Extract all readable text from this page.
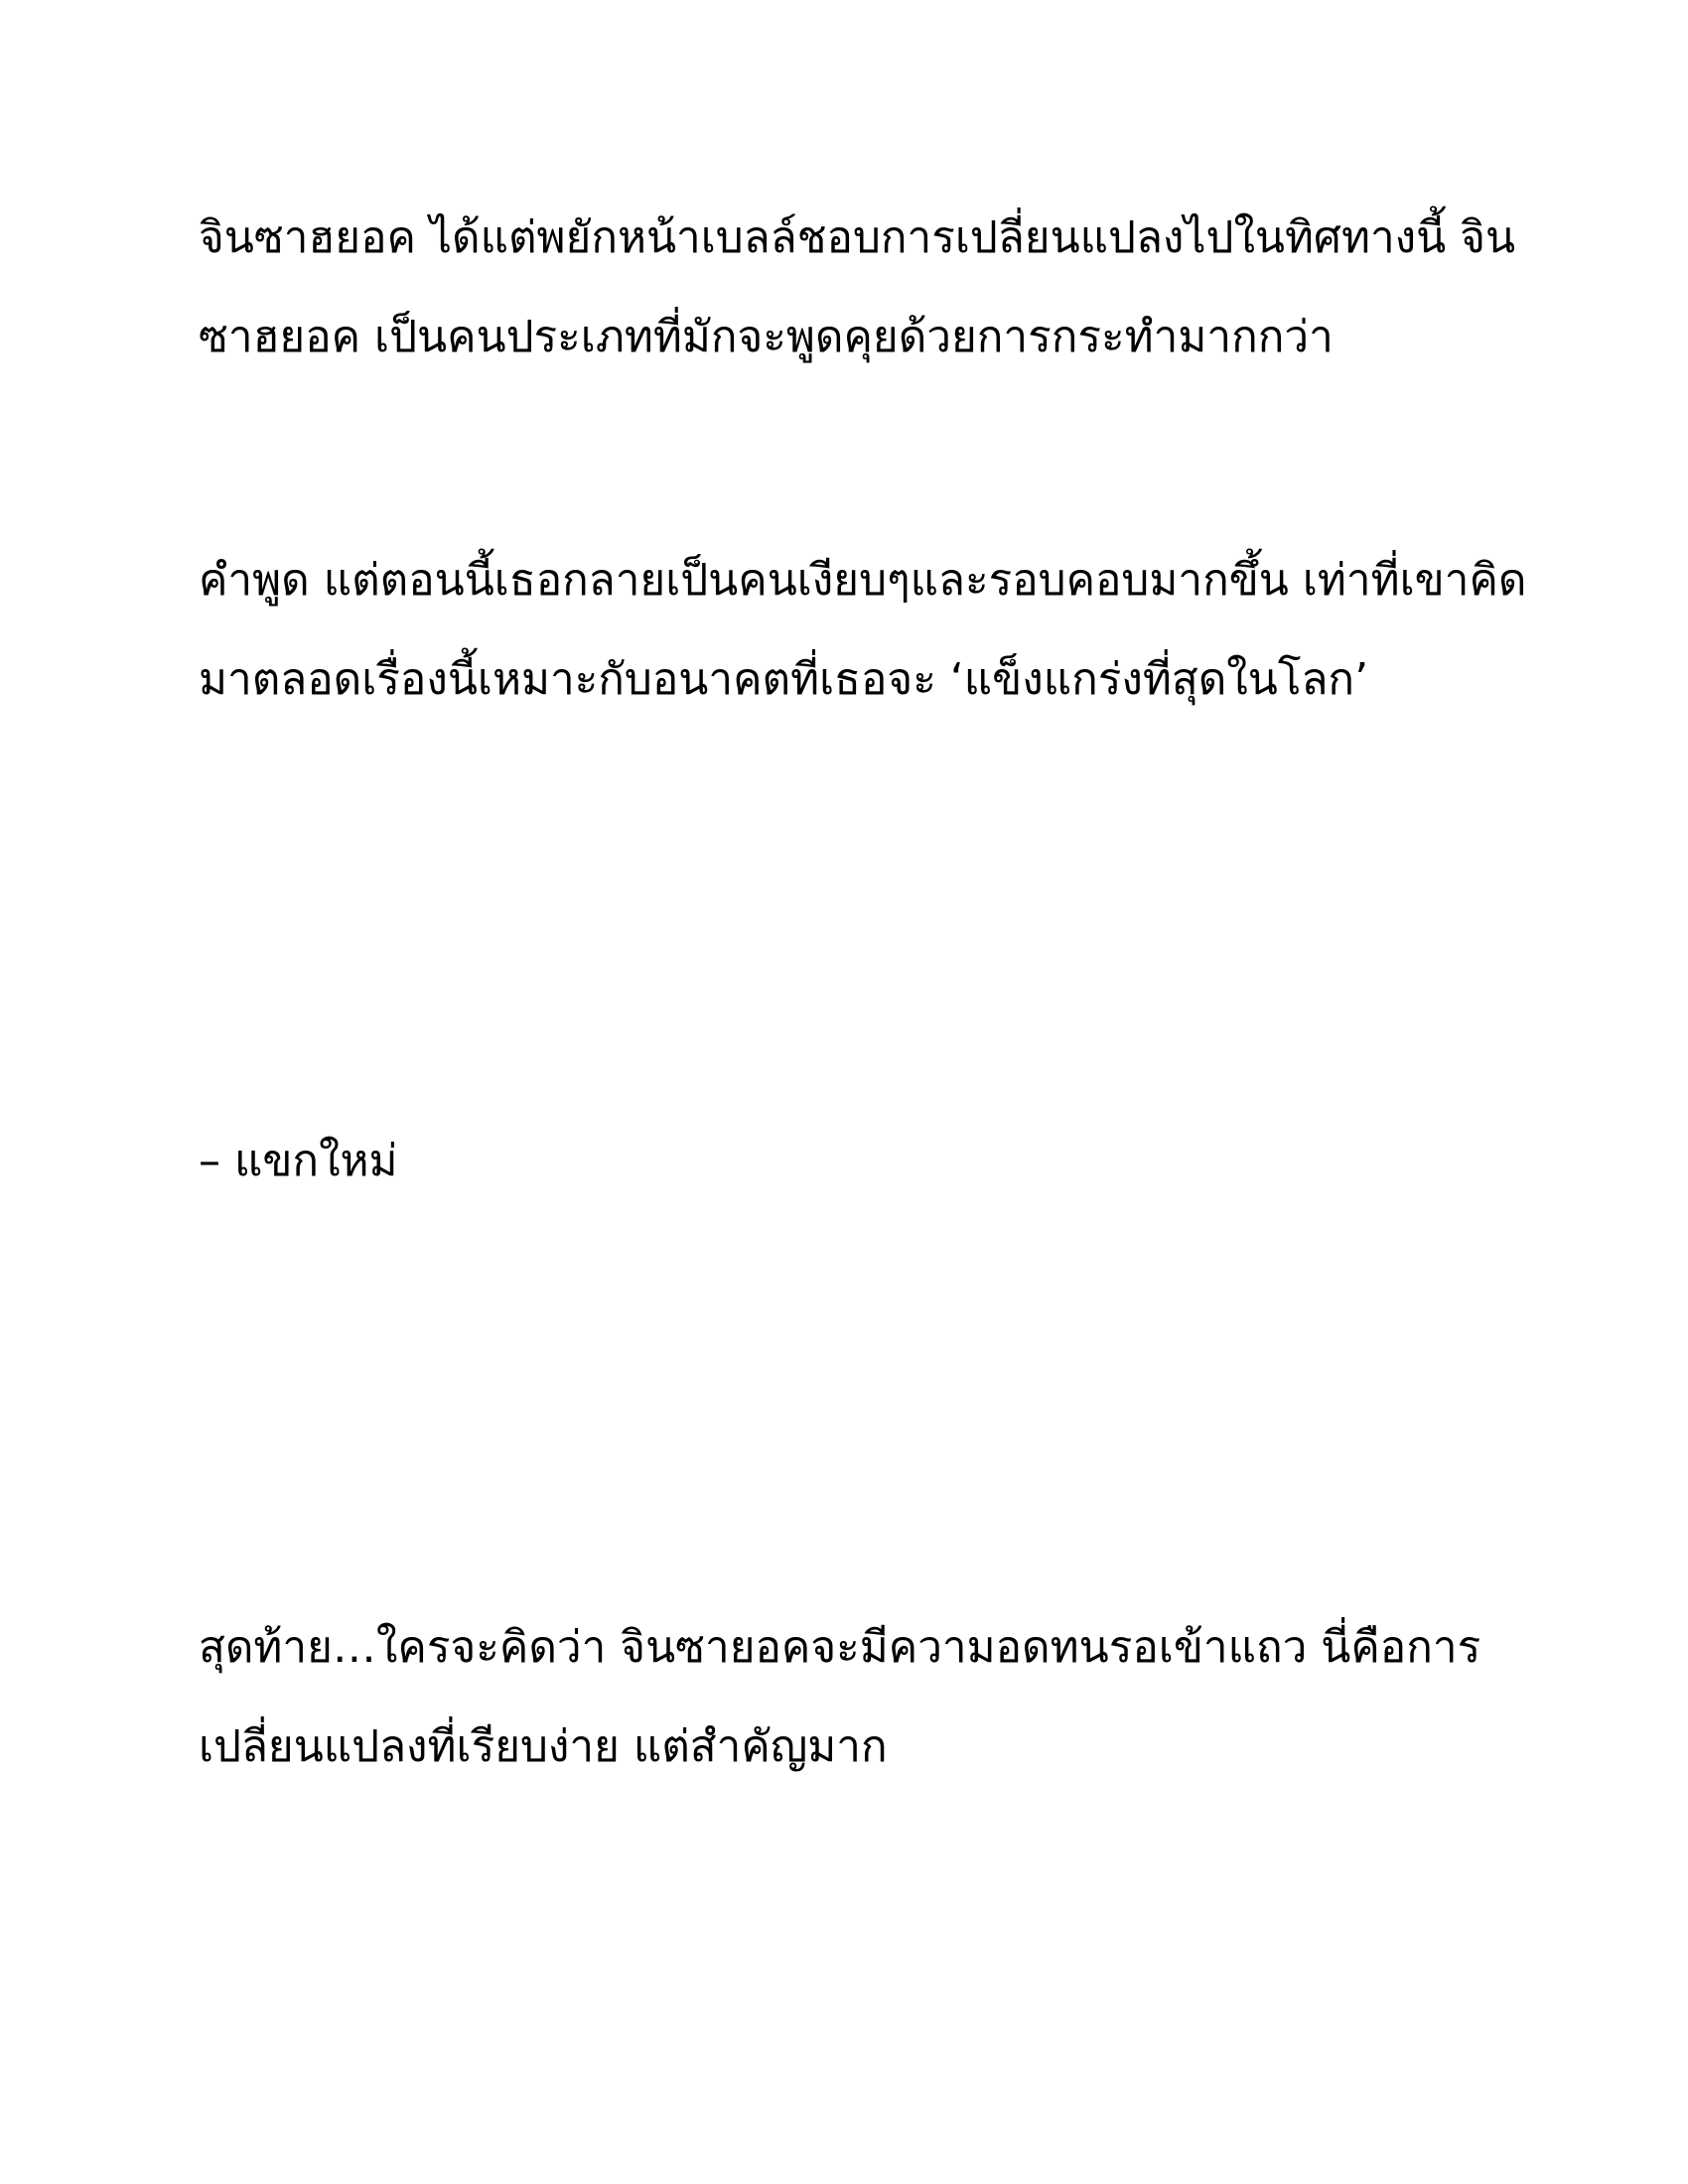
จินซาฮยอค ได้แต่พยักหน้าเบลล์ชอบการเปลี่ยนแปลงไปในทิศทางนี้ จิน

ซาฮยอค เป็นคนประเภทที่มักจะพูดคุยด้วยการกระทำมากกว่า

คำพูด แต่ตอนนี้เธอกลายเป็นคนเงียบๆและรอบคอบมากขึ้น เท่าที่เขาคิด

มาตลอดเรื่องนี้เหมาะกับอนาคตที่เธอจะ ‘แข็งแกร่งที่สุดในโลก’

– แขกใหม่

สุดท้าย…ใครจะคิดว่า จินซายอคจะมีความอดทนรอเข้าแถว นี่คือการ

เปลี่ยนแปลงที่เรียบง่าย แต่สำคัญมาก
